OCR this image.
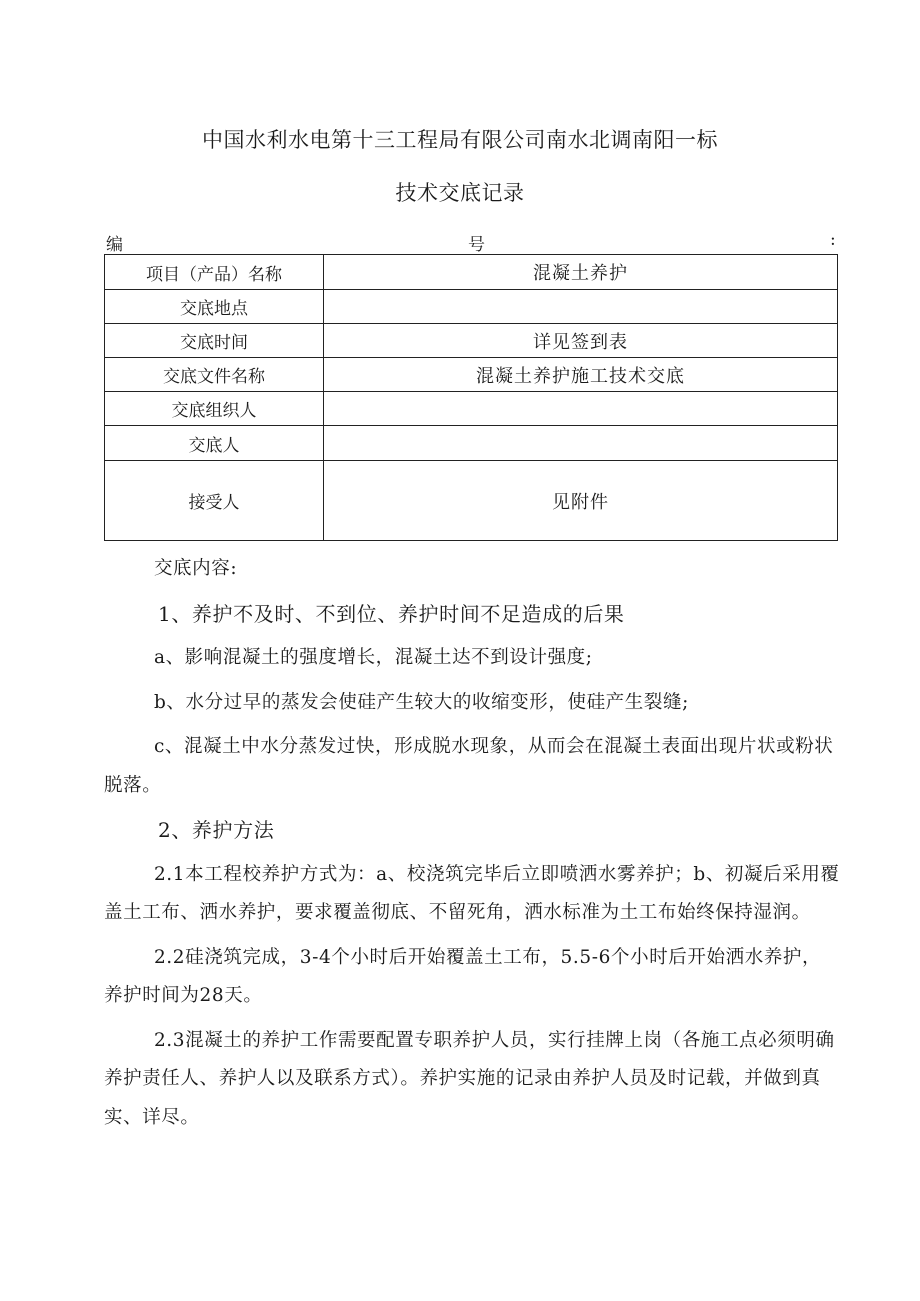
中国水利水电第十三工程局有限公司南水北调南阳一标
技术交底记录
编	号	:
项目（产品）名称	混凝土养护
交底地点	
交底时间	详见签到表
交底文件名称	混凝土养护施工技术交底
交底组织人	
交底人	
接受人	见附件

交底内容:

1、养护不及时、不到位、养护时间不足造成的后果

a、影响混凝土的强度增长，混凝土达不到设计强度;

b、水分过早的蒸发会使硅产生较大的收缩变形，使硅产生裂缝;

c、混凝土中水分蒸发过快，形成脱水现象，从而会在混凝土表面出现片状或粉状脱落。

2、养护方法

2.1本工程校养护方式为：a、校浇筑完毕后立即喷洒水雾养护；b、初凝后采用覆盖土工布、洒水养护，要求覆盖彻底、不留死角，洒水标准为土工布始终保持湿润。

2.2硅浇筑完成，3-4个小时后开始覆盖土工布，5.5-6个小时后开始洒水养护，养护时间为28天。

2.3混凝土的养护工作需要配置专职养护人员，实行挂牌上岗（各施工点必须明确养护责任人、养护人以及联系方式）。养护实施的记录由养护人员及时记载，并做到真实、详尽。
